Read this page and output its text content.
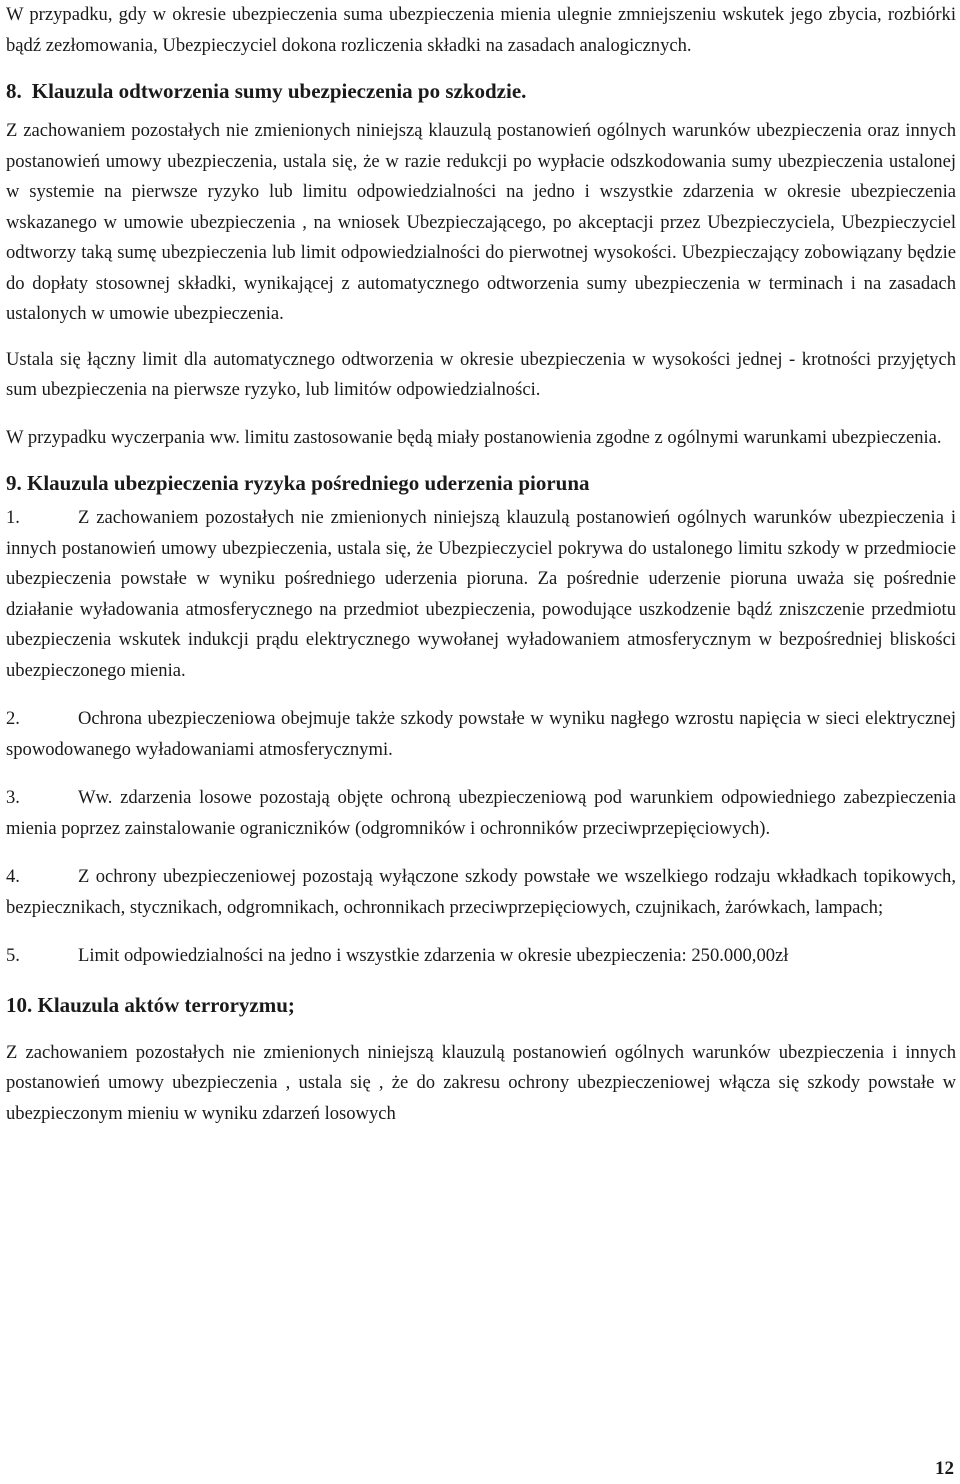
W przypadku, gdy w okresie ubezpieczenia suma ubezpieczenia mienia ulegnie zmniejszeniu wskutek jego zbycia, rozbiórki bądź zezłomowania, Ubezpieczyciel dokona rozliczenia składki na zasadach analogicznych.

8. Klauzula odtworzenia sumy ubezpieczenia po szkodzie.

Z zachowaniem pozostałych nie zmienionych niniejszą klauzulą postanowień ogólnych warunków ubezpieczenia oraz innych postanowień umowy ubezpieczenia, ustala się, że w razie redukcji po wypłacie odszkodowania sumy ubezpieczenia ustalonej w systemie na pierwsze ryzyko lub limitu odpowiedzialności na jedno i wszystkie zdarzenia w okresie ubezpieczenia wskazanego w umowie ubezpieczenia , na wniosek Ubezpieczającego, po akceptacji przez Ubezpieczyciela, Ubezpieczyciel odtworzy taką sumę ubezpieczenia lub limit odpowiedzialności do pierwotnej wysokości. Ubezpieczający zobowiązany będzie do dopłaty stosownej składki, wynikającej z automatycznego odtworzenia sumy ubezpieczenia w terminach i na zasadach ustalonych w umowie ubezpieczenia.

Ustala się łączny limit dla automatycznego odtworzenia w okresie ubezpieczenia w wysokości jednej - krotności przyjętych sum ubezpieczenia na pierwsze ryzyko, lub limitów odpowiedzialności.

W przypadku wyczerpania ww. limitu zastosowanie będą miały postanowienia zgodne z ogólnymi warunkami ubezpieczenia.

9. Klauzula ubezpieczenia ryzyka pośredniego uderzenia pioruna

1.	Z zachowaniem pozostałych nie zmienionych niniejszą klauzulą postanowień ogólnych warunków ubezpieczenia i innych postanowień umowy ubezpieczenia, ustala się, że Ubezpieczyciel pokrywa do ustalonego limitu szkody w przedmiocie ubezpieczenia powstałe w wyniku pośredniego uderzenia pioruna. Za pośrednie uderzenie pioruna uważa się pośrednie działanie wyładowania atmosferycznego na przedmiot ubezpieczenia, powodujące uszkodzenie bądź zniszczenie przedmiotu ubezpieczenia wskutek indukcji prądu elektrycznego wywołanej wyładowaniem atmosferycznym w bezpośredniej bliskości ubezpieczonego mienia.

2.	Ochrona ubezpieczeniowa obejmuje także szkody powstałe w wyniku nagłego wzrostu napięcia w sieci elektrycznej spowodowanego wyładowaniami atmosferycznymi.

3.	Ww. zdarzenia losowe pozostają objęte ochroną ubezpieczeniową pod warunkiem odpowiedniego zabezpieczenia mienia poprzez zainstalowanie ograniczników (odgromników i ochronników przeciwprzepięciowych).

4.	Z ochrony ubezpieczeniowej pozostają wyłączone szkody powstałe we wszelkiego rodzaju wkładkach topikowych, bezpiecznikach, stycznikach, odgromnikach, ochronnikach przeciwprzepięciowych, czujnikach, żarówkach, lampach;

5.	Limit odpowiedzialności na jedno i wszystkie zdarzenia w okresie ubezpieczenia: 250.000,00zł

10. Klauzula aktów terroryzmu;

Z zachowaniem pozostałych nie zmienionych niniejszą klauzulą postanowień ogólnych warunków ubezpieczenia i innych postanowień umowy ubezpieczenia , ustala się , że do zakresu ochrony ubezpieczeniowej włącza się szkody powstałe w ubezpieczonym mieniu w wyniku zdarzeń losowych

12
